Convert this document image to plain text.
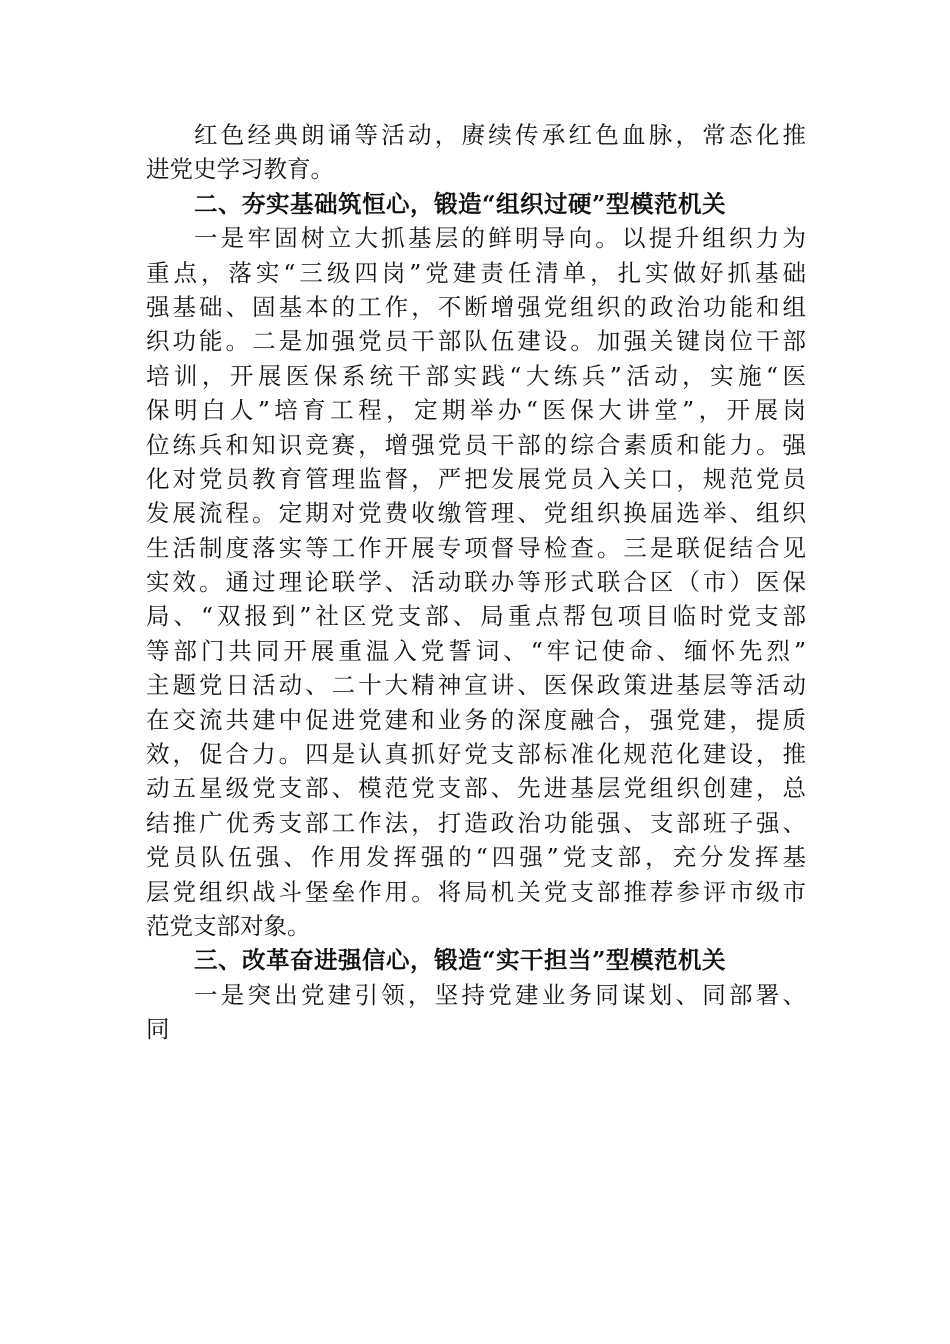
红色经典朗诵等活动，赓续传承红色血脉，常态化推
进党史学习教育。
二、夯实基础筑恒心，锻造“组织过硬”型模范机关
一是牢固树立大抓基层的鲜明导向。以提升组织力为
重点，落实“三级四岗”党建责任清单，扎实做好抓基础
强基础、固基本的工作，不断增强党组织的政治功能和组
织功能。二是加强党员干部队伍建设。加强关键岗位干部
培训，开展医保系统干部实践“大练兵”活动，实施“医
保明白人”培育工程，定期举办“医保大讲堂”，开展岗
位练兵和知识竞赛，增强党员干部的综合素质和能力。强
化对党员教育管理监督，严把发展党员入关口，规范党员
发展流程。定期对党费收缴管理、党组织换届选举、组织
生活制度落实等工作开展专项督导检查。三是联促结合见
实效。通过理论联学、活动联办等形式联合区（市）医保
局、“双报到”社区党支部、局重点帮包项目临时党支部
等部门共同开展重温入党誓词、“牢记使命、缅怀先烈”
主题党日活动、二十大精神宣讲、医保政策进基层等活动
在交流共建中促进党建和业务的深度融合，强党建，提质
效，促合力。四是认真抓好党支部标准化规范化建设，推
动五星级党支部、模范党支部、先进基层党组织创建，总
结推广优秀支部工作法，打造政治功能强、支部班子强、
党员队伍强、作用发挥强的“四强”党支部，充分发挥基
层党组织战斗堡垒作用。将局机关党支部推荐参评市级市
范党支部对象。
三、改革奋进强信心，锻造“实干担当”型模范机关
一是突出党建引领，坚持党建业务同谋划、同部署、
同
